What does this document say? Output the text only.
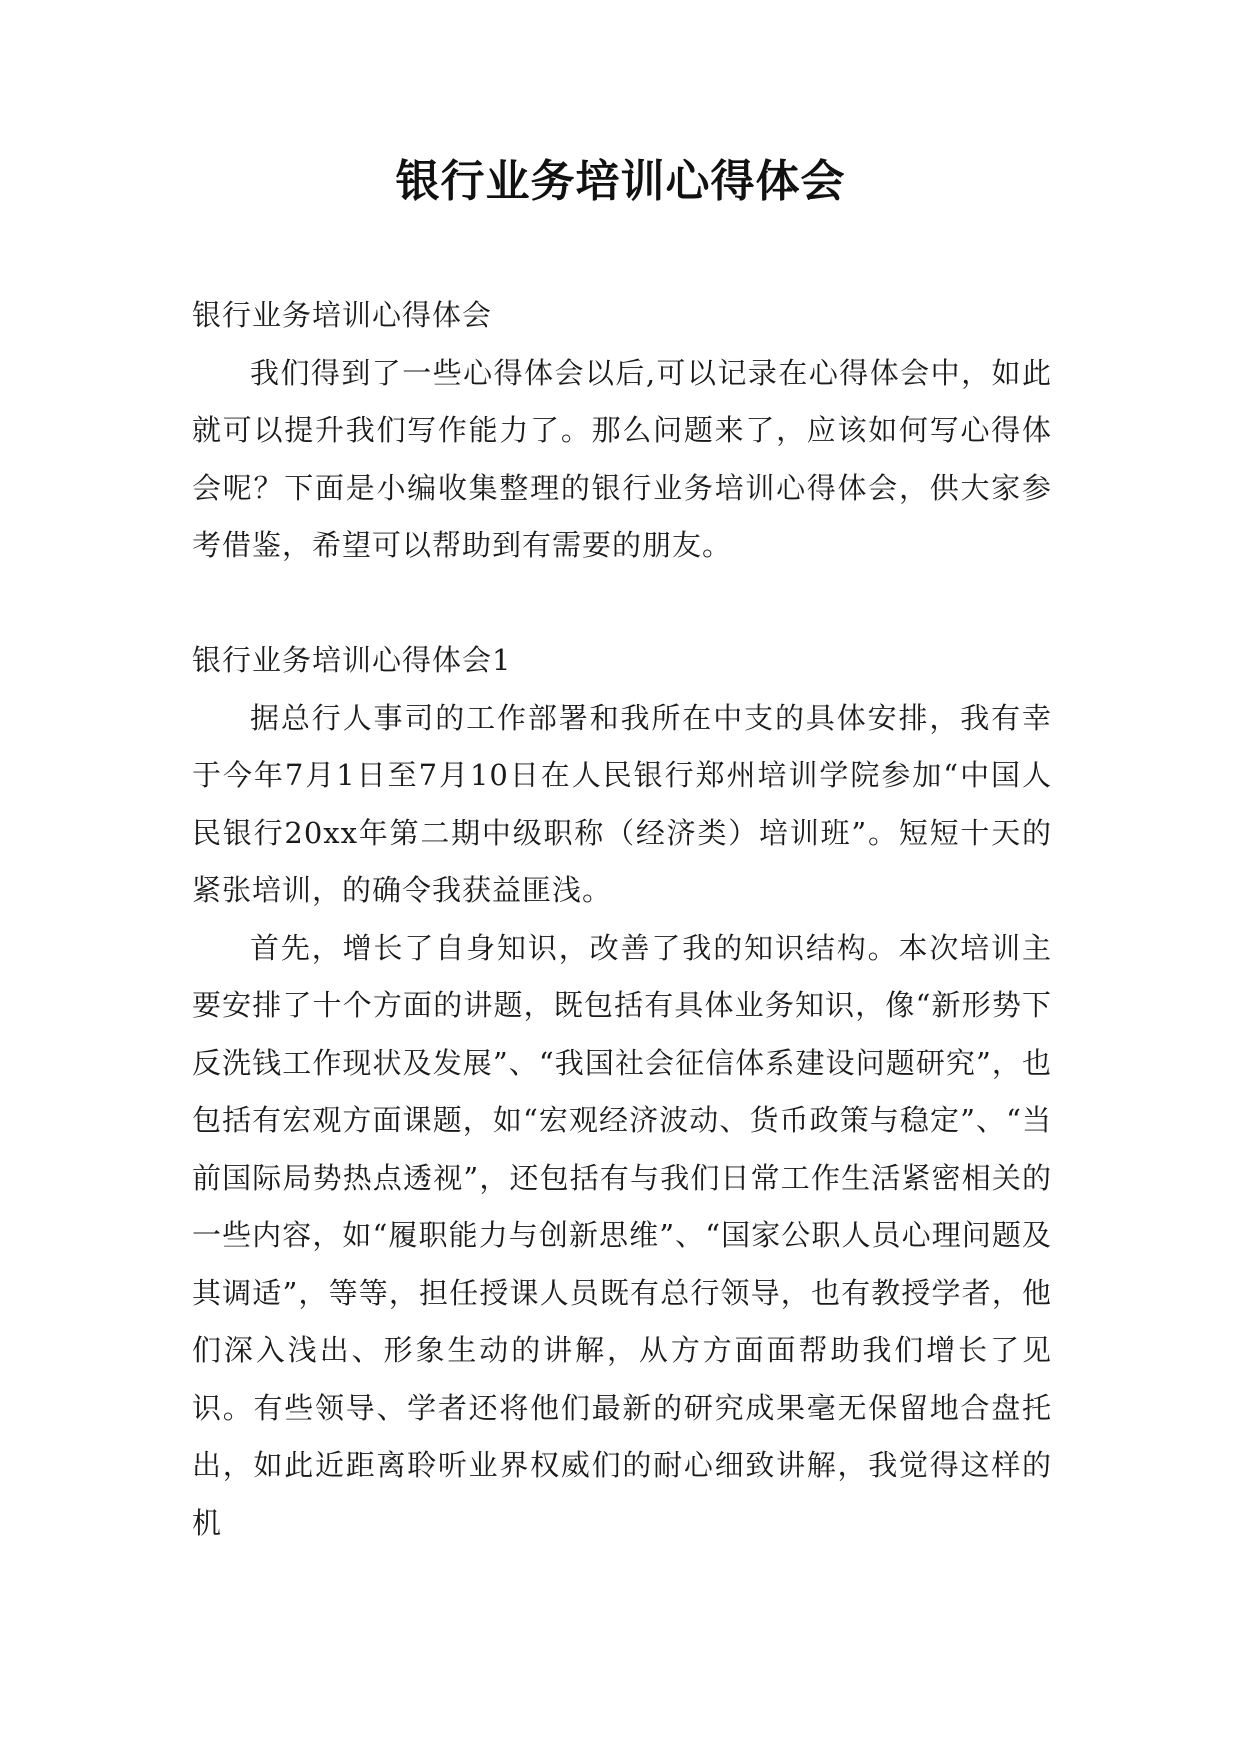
银行业务培训心得体会
银行业务培训心得体会

我们得到了一些心得体会以后,可以记录在心得体会中，如此就可以提升我们写作能力了。那么问题来了，应该如何写心得体会呢？下面是小编收集整理的银行业务培训心得体会，供大家参考借鉴，希望可以帮助到有需要的朋友。

银行业务培训心得体会1

据总行人事司的工作部署和我所在中支的具体安排，我有幸于今年7月1日至7月10日在人民银行郑州培训学院参加“中国人民银行20xx年第二期中级职称（经济类）培训班”。短短十天的紧张培训，的确令我获益匪浅。

首先，增长了自身知识，改善了我的知识结构。本次培训主要安排了十个方面的讲题，既包括有具体业务知识，像“新形势下反洗钱工作现状及发展”、“我国社会征信体系建设问题研究”，也包括有宏观方面课题，如“宏观经济波动、货币政策与稳定”、“当前国际局势热点透视”，还包括有与我们日常工作生活紧密相关的一些内容，如“履职能力与创新思维”、“国家公职人员心理问题及其调适”，等等，担任授课人员既有总行领导，也有教授学者，他们深入浅出、形象生动的讲解，从方方面面帮助我们增长了见识。有些领导、学者还将他们最新的研究成果毫无保留地合盘托出，如此近距离聆听业界权威们的耐心细致讲解，我觉得这样的机
